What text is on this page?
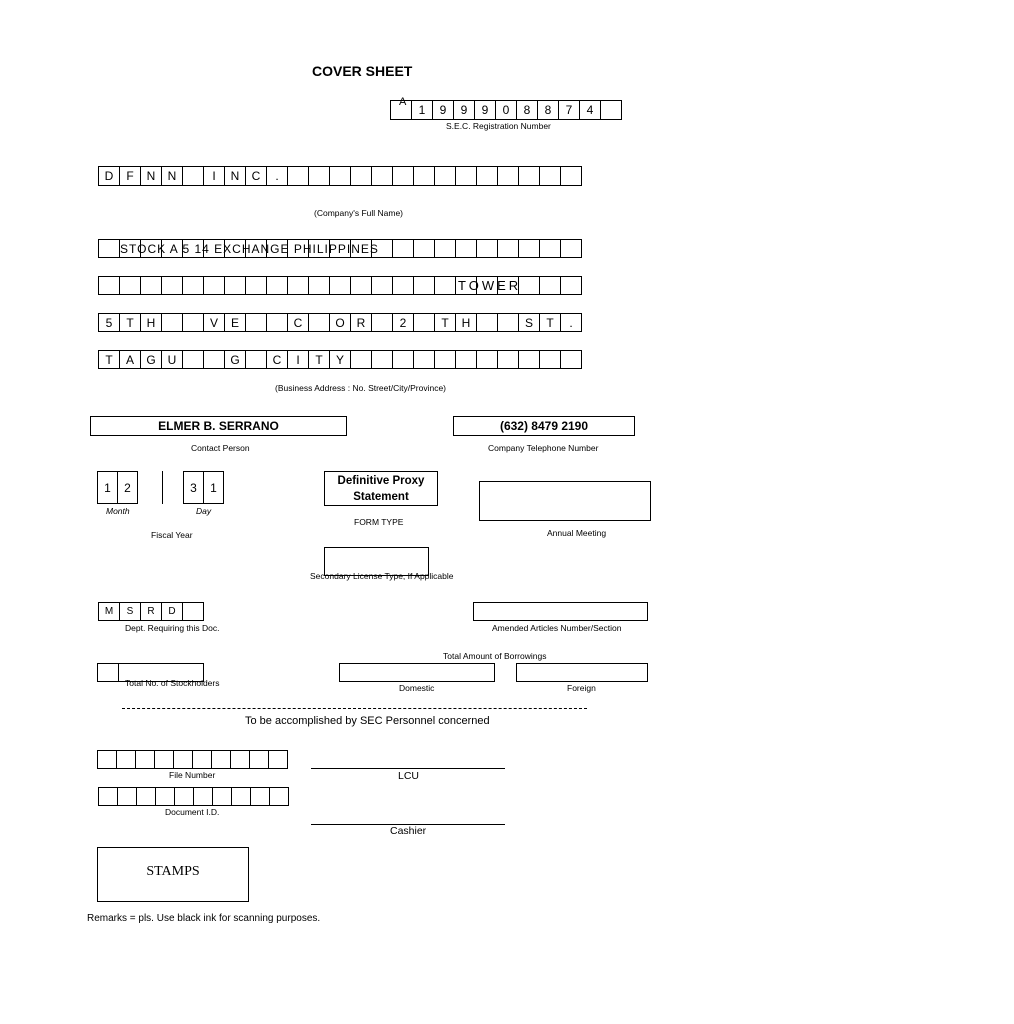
COVER SHEET
A
1	9	9	9	0	8	8	7	4
S.E.C. Registration Number
D	F	N	N	I	N	C	.
(Company's Full Name)
STOCK A 5 14 EXCHANGE PHILIPPINES
TOWER
5	T	H	V	E	C	O R	2	T	H	S	T	.
T	A	G U	G	C	I	T	Y
(Business Address : No. Street/City/Province)
ELMER B. SERRANO
Contact Person
(632) 8479 2190
Company Telephone Number
1	2	3	1
Month	Day
Fiscal Year
Definitive Proxy
Statement
FORM TYPE
Annual Meeting
Secondary License Type, If Applicable
M	S	R	D
Dept. Requiring this Doc.	Amended Articles Number/Section
Total Amount of Borrowings
Domestic	Foreign
Total No. of Stockholders
To be accomplished by SEC Personnel concerned
File Number	LCU
Document I.D.
Cashier
STAMPS
Remarks = pls. Use black ink for scanning purposes.
